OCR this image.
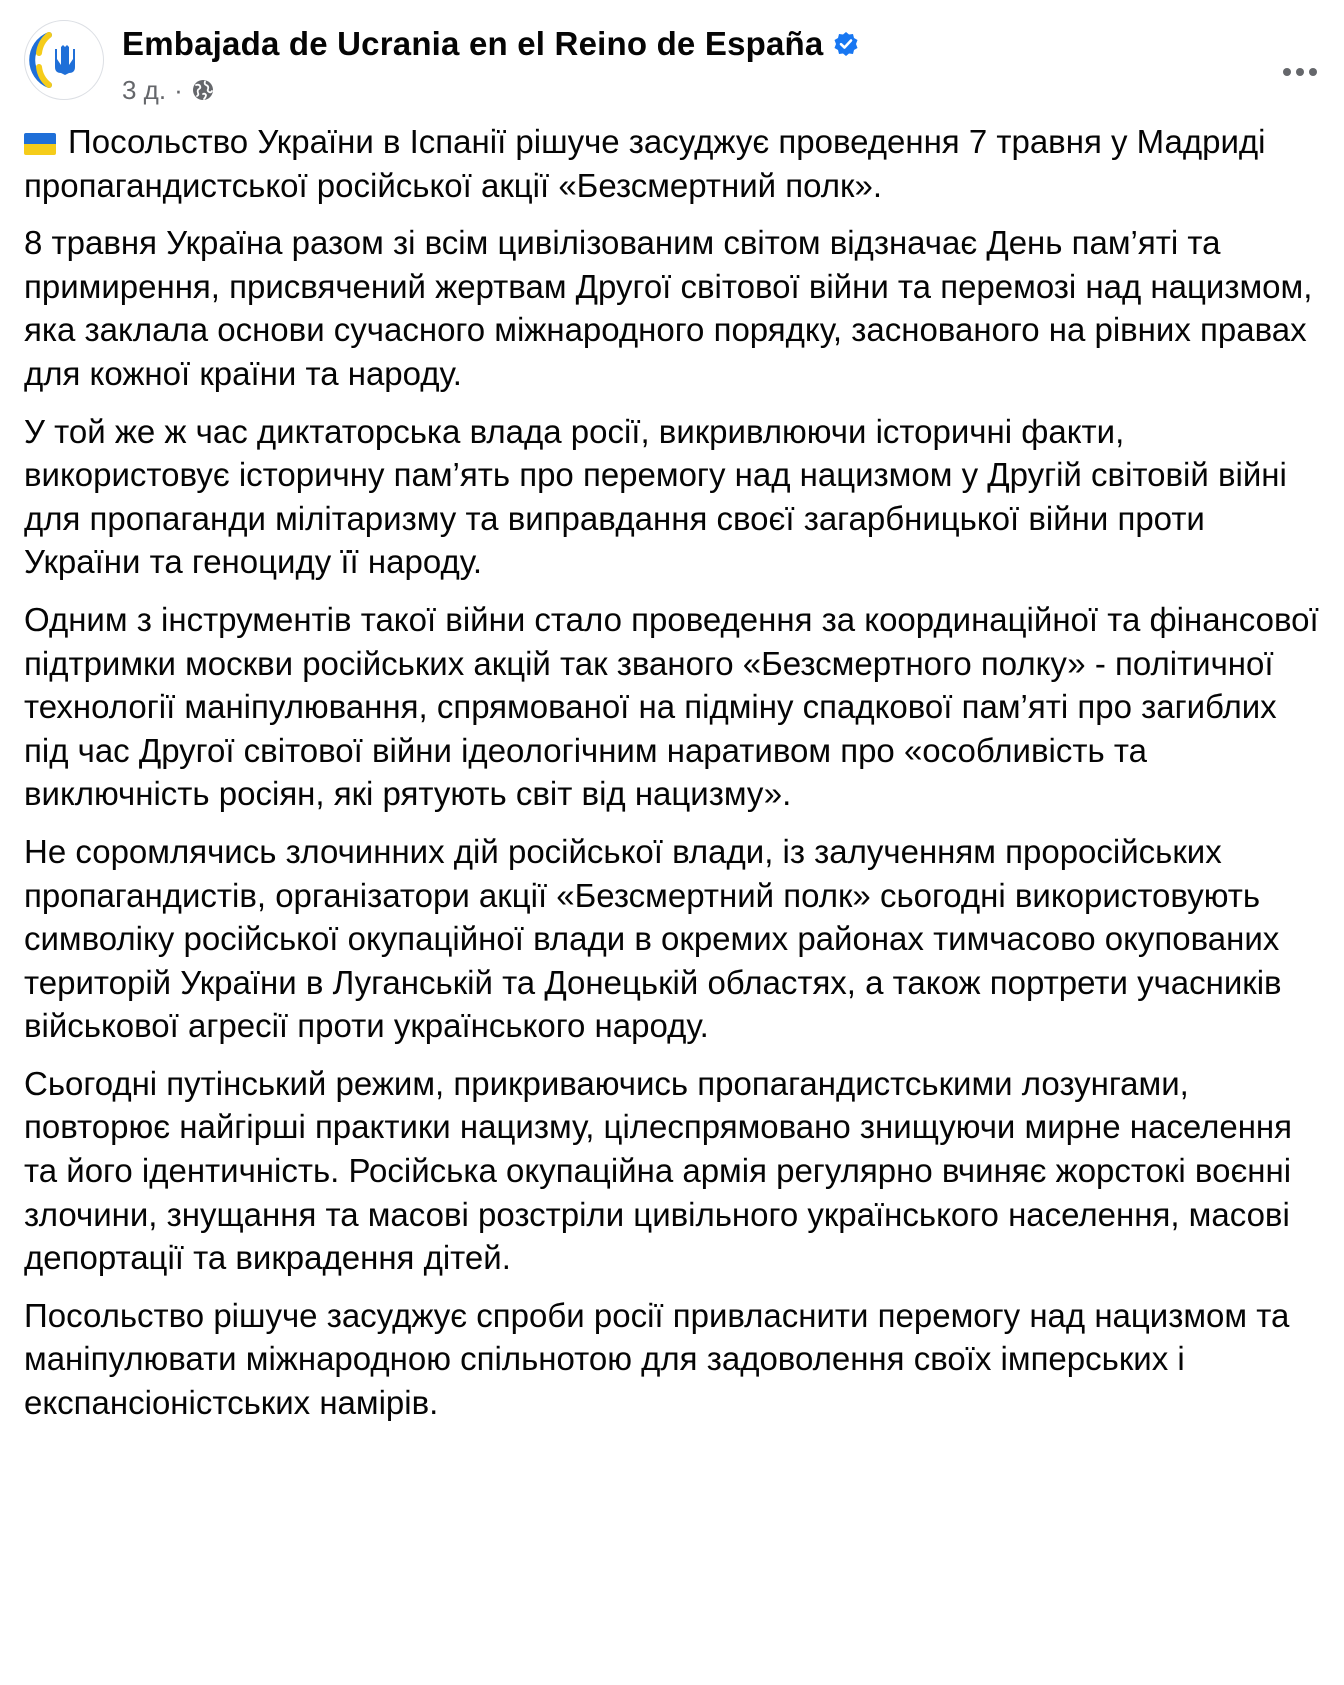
Embajada de Ucrania en el Reino de España
3 д. ·

Посольство України в Іспанії рішуче засуджує проведення 7 травня у Мадриді пропагандистської російської акції «Безсмертний полк».

8 травня Україна разом зі всім цивілізованим світом відзначає День пам’яті та примирення, присвячений жертвам Другої світової війни та перемозі над нацизмом, яка заклала основи сучасного міжнародного порядку, заснованого на рівних правах для кожної країни та народу.

У той же ж час диктаторська влада росії, викривлюючи історичні факти, використовує історичну пам’ять про перемогу над нацизмом у Другій світовій війні для пропаганди мілітаризму та виправдання своєї загарбницької війни проти України та геноциду її народу.

Одним з інструментів такої війни стало проведення за координаційної та фінансової підтримки москви російських акцій так званого «Безсмертного полку» - політичної технології маніпулювання, спрямованої на підміну спадкової пам’яті про загиблих під час Другої світової війни ідеологічним наративом про «особливість та виключність росіян, які рятують світ від нацизму».

Не соромлячись злочинних дій російської влади, із залученням проросійських пропагандистів, організатори акції «Безсмертний полк» сьогодні використовують символіку російської окупаційної влади в окремих районах тимчасово окупованих територій України в Луганській та Донецькій областях, а також портрети учасників військової агресії проти українського народу.

Сьогодні путінський режим, прикриваючись пропагандистськими лозунгами, повторює найгірші практики нацизму, цілеспрямовано знищуючи мирне населення та його ідентичність. Російська окупаційна армія регулярно вчиняє жорстокі воєнні злочини, знущання та масові розстріли цивільного українського населення, масові депортації та викрадення дітей.

Посольство рішуче засуджує спроби росії привласнити перемогу над нацизмом та маніпулювати міжнародною спільнотою для задоволення своїх імперських і експансіоністських намірів.
